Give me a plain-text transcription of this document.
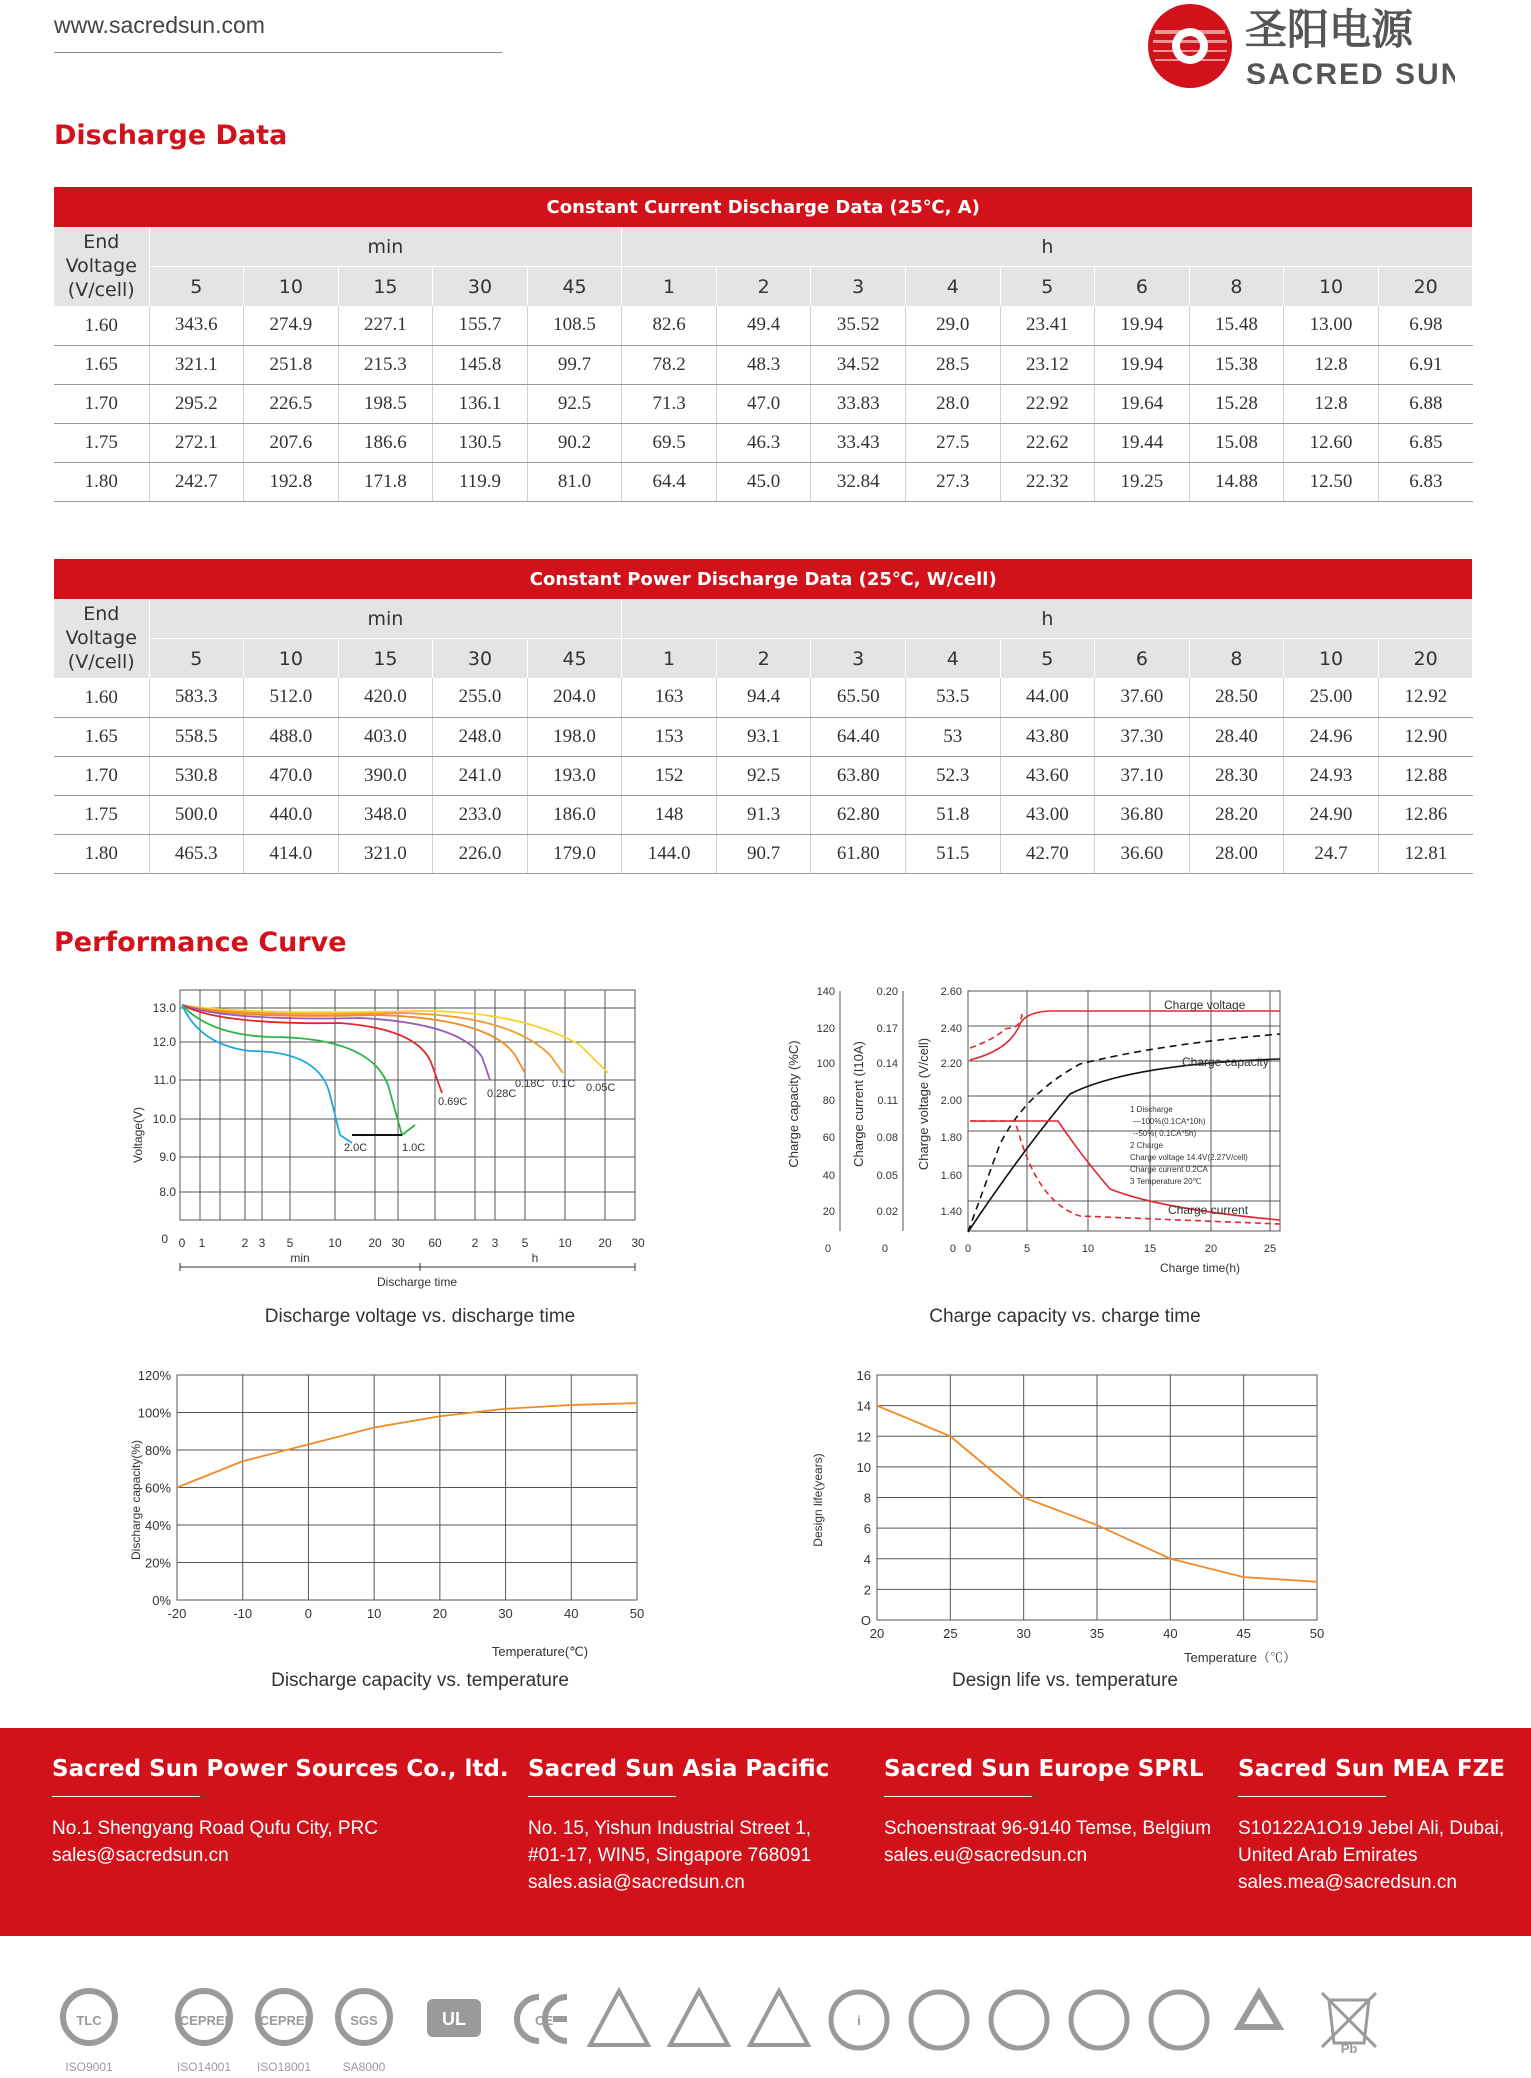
www.sacredsun.com	圣阳电源
SACRED SUN
Discharge Data
Constant Current Discharge Data (25℃, A)														
End
Voltage
(V/cell)	min					h								
	5	10	15	30	45	1	2	3	4	5	6	8	10	20
1.60	343.6	274.9	227.1	155.7	108.5	82.6	49.4	35.52	29.0	23.41	19.94	15.48	13.00	6.98
1.65	321.1	251.8	215.3	145.8	99.7	78.2	48.3	34.52	28.5	23.12	19.94	15.38	12.8	6.91
1.70	295.2	226.5	198.5	136.1	92.5	71.3	47.0	33.83	28.0	22.92	19.64	15.28	12.8	6.88
1.75	272.1	207.6	186.6	130.5	90.2	69.5	46.3	33.43	27.5	22.62	19.44	15.08	12.60	6.85
1.80	242.7	192.8	171.8	119.9	81.0	64.4	45.0	32.84	27.3	22.32	19.25	14.88	12.50	6.83
Constant Power Discharge Data (25℃, W/cell)														
End
Voltage
(V/cell)	min					h								
	5	10	15	30	45	1	2	3	4	5	6	8	10	20
1.60	583.3	512.0	420.0	255.0	204.0	163	94.4	65.50	53.5	44.00	37.60	28.50	25.00	12.92
1.65	558.5	488.0	403.0	248.0	198.0	153	93.1	64.40	53	43.80	37.30	28.40	24.96	12.90
1.70	530.8	470.0	390.0	241.0	193.0	152	92.5	63.80	52.3	43.60	37.10	28.30	24.93	12.88
1.75	500.0	440.0	348.0	233.0	186.0	148	91.3	62.80	51.8	43.00	36.80	28.20	24.90	12.86
1.80	465.3	414.0	321.0	226.0	179.0	144.0	90.7	61.80	51.5	42.70	36.60	28.00	24.7	12.81
Performance Curve
2.0C	1.0C
0.69C
0.28C
0.18C 0.1C 0.05C
13.0
12.0
11.0
10.0
9.0
8.0
0 0 1	2 3 5	10 20 30 60 2 3 5 10 20 30
min	h
Discharge time
Voltage(V)
Discharge voltage vs. discharge time
Charge voltage
Charge capacity
Charge current
1 Discharge
—100%(0.1CA*10h)
--50%( 0.1CA*5h)
2 Charge
Charge voltage 14.4V(2.27V/cell)
Charge current 0.2CA
3 Temperature 20℃
140
120
100
80
60
40
20
0
0.20
0.17
0.14
0.11
0.08
0.05
0.02
0
2.60
2.40
2.20
2.00
1.80
1.60
1.40
0 0	5	10	15	20	25
Charge time(h)
Charge capacity (%C)	Charge current (I10A)	Charge voltage (V/cell)
Charge capacity vs. charge time
0%
20%
40%
60%
80%
100%
120%
-20	-10	0	10	20	30	40	50
Temperature(℃)
Discharge capacity(%)
Discharge capacity vs. temperature
O
2
4
6
8
10
12
14
16
20	25	30	35	40	45	50
Temperature（℃）
Design life(years)
Design life vs. temperature
Sacred Sun Power Sources Co., ltd.
No.1 Shengyang Road Qufu City, PRC
sales@sacredsun.cn
Sacred Sun Asia Pacific
No. 15, Yishun Industrial Street 1,
#01-17, WIN5, Singapore 768091
sales.asia@sacredsun.cn
Sacred Sun Europe SPRL
Schoenstraat 96-9140 Temse, Belgium
sales.eu@sacredsun.cn
Sacred Sun MEA FZE
S10122A1O19 Jebel Ali, Dubai,
United Arab Emirates
sales.mea@sacredsun.cn
TLC
ISO9001
CEPREI
ISO14001
CEPREI
ISO18001
SGS
SA8000
UL	CE	i
Pb
